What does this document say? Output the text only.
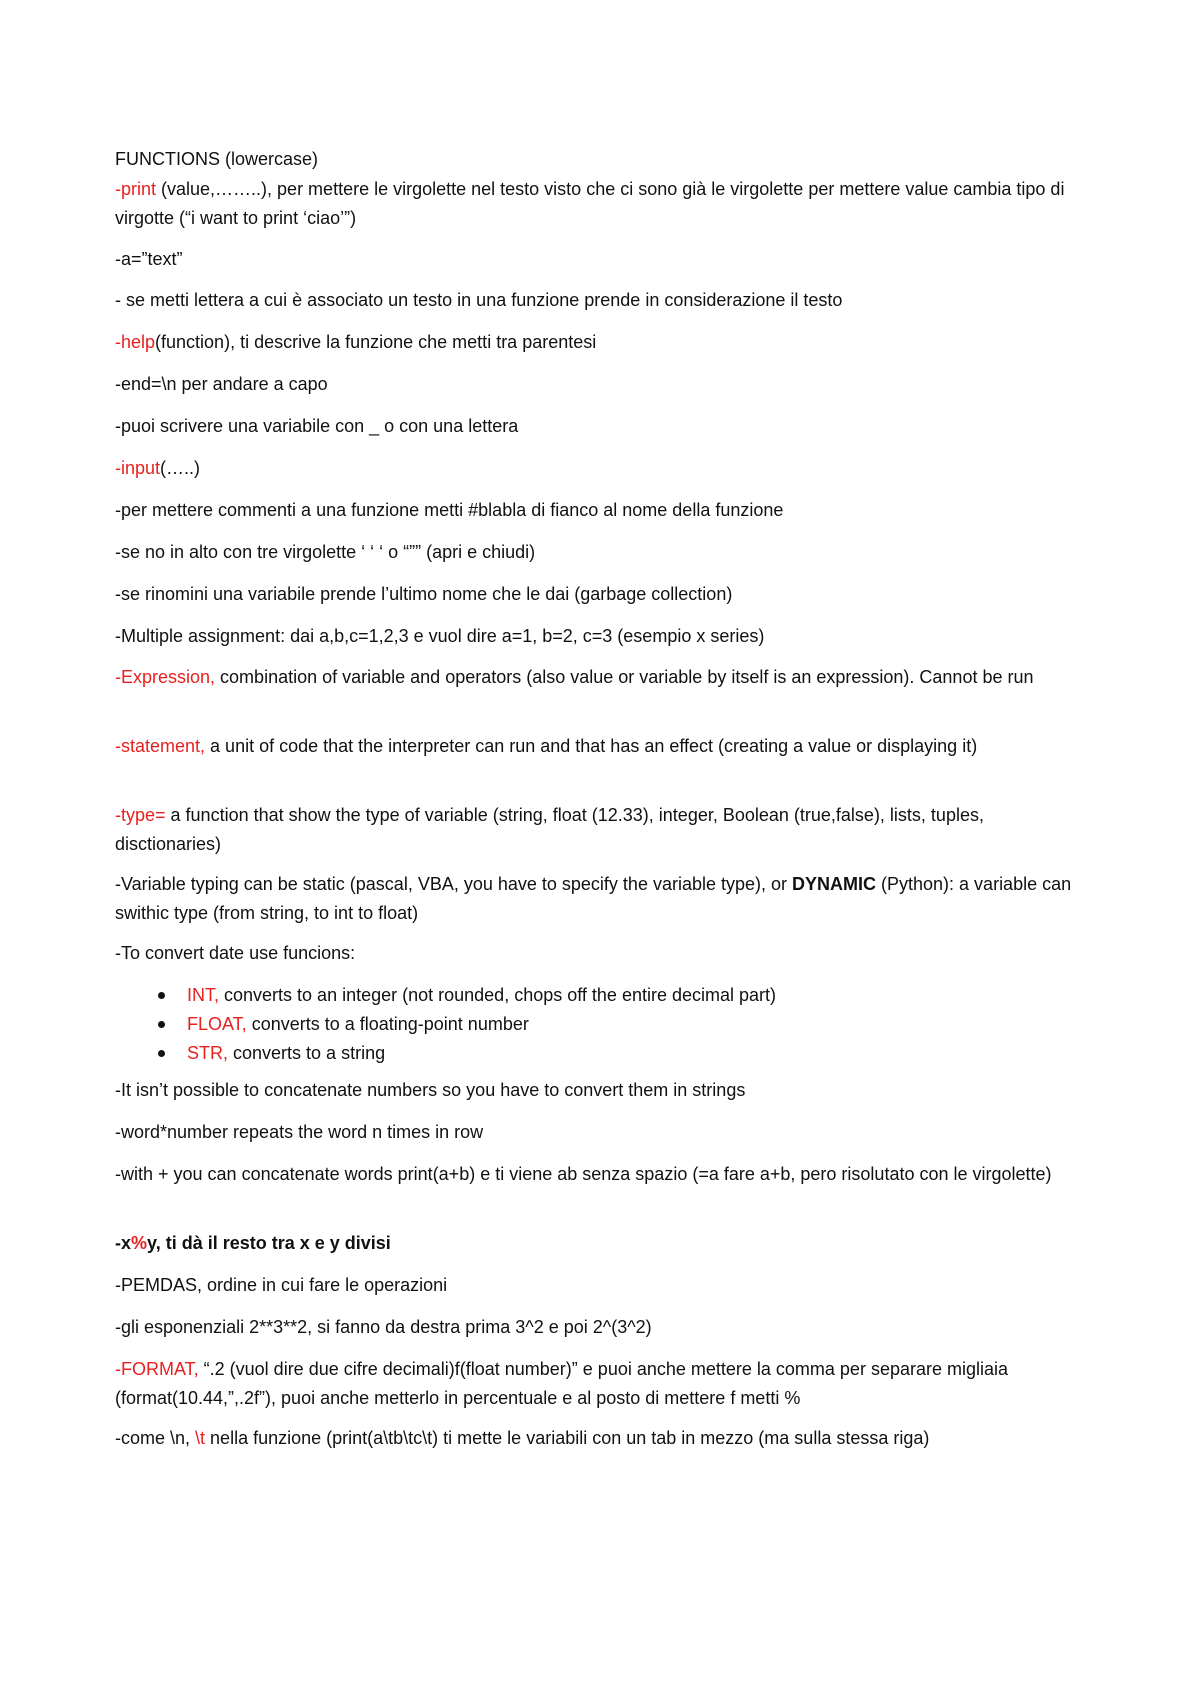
FUNCTIONS (lowercase)

-print (value,……..), per mettere le virgolette nel testo visto che ci sono già le virgolette per mettere value cambia tipo di virgotte (“i want to print ‘ciao’”)

-a=”text”

- se metti lettera a cui è associato un testo in una funzione prende in considerazione il testo

-help(function), ti descrive la funzione che metti tra parentesi

-end=\n per andare a capo

-puoi scrivere una variabile con _ o con una lettera

-input(…..)

-per mettere commenti a una funzione metti #blabla di fianco al nome della funzione

-se no in alto con tre virgolette ‘ ‘ ‘ o “”” (apri e chiudi)

-se rinomini una variabile prende l’ultimo nome che le dai (garbage collection)

-Multiple assignment: dai a,b,c=1,2,3 e vuol dire a=1, b=2, c=3 (esempio x series)

-Expression, combination of variable and operators (also value or variable by itself is an expression). Cannot be run

-statement, a unit of code that the interpreter can run and that has an effect (creating a value or displaying it)

-type= a function that show the type of variable (string, float (12.33), integer, Boolean (true,false), lists, tuples, disctionaries)

-Variable typing can be static (pascal, VBA, you have to specify the variable type), or DYNAMIC (Python): a variable can swithic type (from string, to int to float)

-To convert date use funcions:

INT, converts to an integer (not rounded, chops off the entire decimal part)
FLOAT, converts to a floating-point number
STR, converts to a string

-It isn’t possible to concatenate numbers so you have to convert them in strings

-word*number repeats the word n times in row

-with + you can concatenate words print(a+b) e ti viene ab senza spazio (=a fare a+b, pero risolutato con le virgolette)

-x%y, ti dà il resto tra x e y divisi

-PEMDAS, ordine in cui fare le operazioni

-gli esponenziali 2**3**2, si fanno da destra prima 3^2 e poi 2^(3^2)

-FORMAT, “.2 (vuol dire due cifre decimali)f(float number)” e puoi anche mettere la comma per separare migliaia (format(10.44,”,.2f”), puoi anche metterlo in percentuale e al posto di mettere f metti %

-come \n, \t nella funzione (print(a\tb\tc\t) ti mette le variabili con un tab in mezzo (ma sulla stessa riga)
